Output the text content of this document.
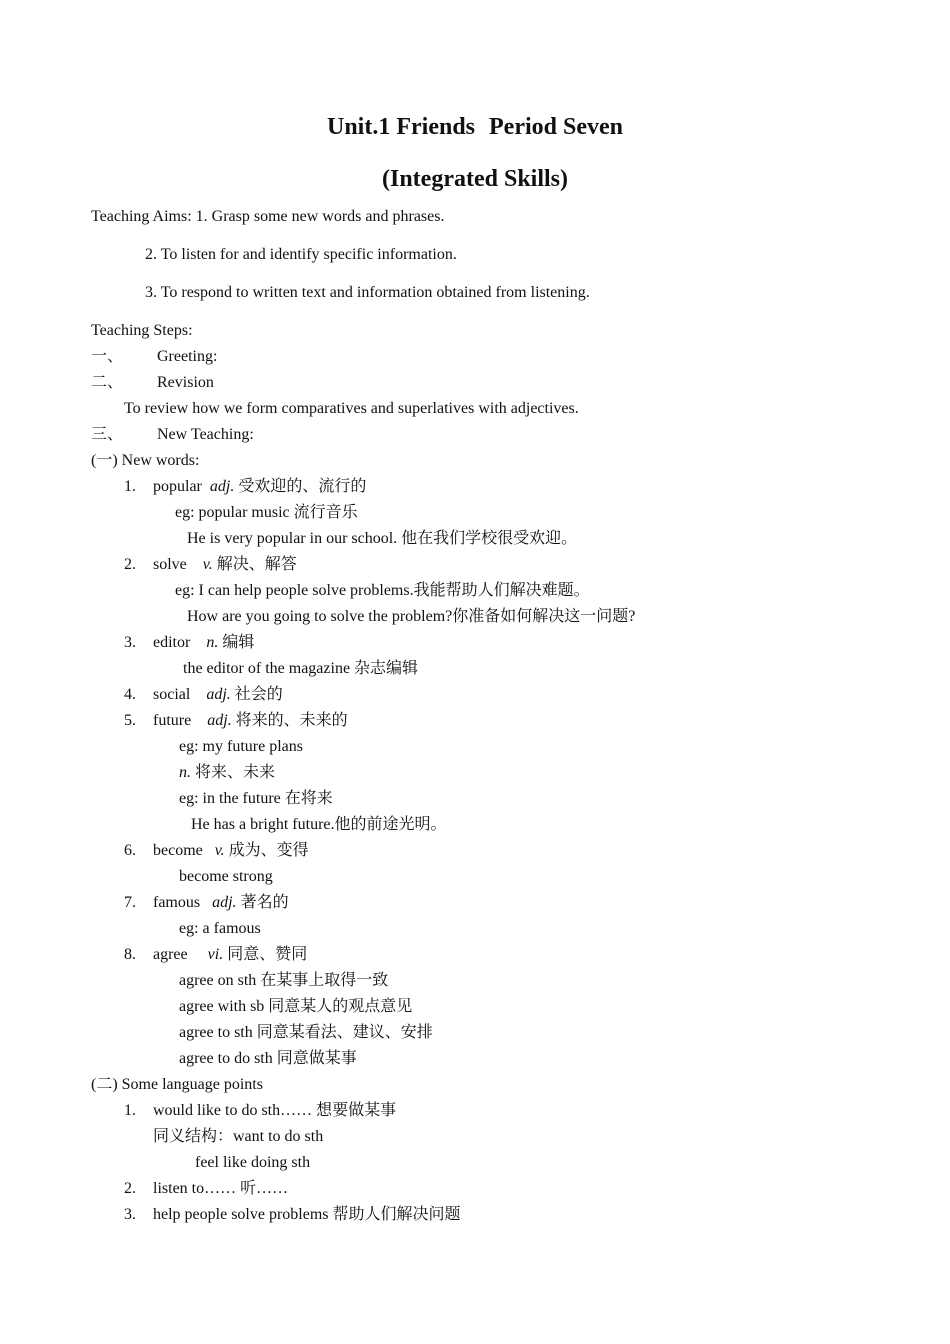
Unit.1 Friends Period Seven
(Integrated Skills)
Teaching Aims: 1. Grasp some new words and phrases.
2. To listen for and identify specific information.
3. To respond to written text and information obtained from listening.
Teaching Steps:
一、 Greeting:
二、 Revision
To review how we form comparatives and superlatives with adjectives.
三、 New Teaching:
(一) New words:
1. popular adj. 受欢迎的、流行的
eg: popular music 流行音乐
He is very popular in our school. 他在我们学校很受欢迎。
2. solve v. 解决、解答
eg: I can help people solve problems.我能帮助人们解决难题。
How are you going to solve the problem?你准备如何解决这一问题?
3. editor n. 编辑
the editor of the magazine 杂志编辑
4. social adj. 社会的
5. future adj. 将来的、未来的
eg: my future plans
n. 将来、未来
eg: in the future 在将来
He has a bright future.他的前途光明。
6. become v. 成为、变得
become strong
7. famous adj. 著名的
eg: a famous
8. agree vi. 同意、赞同
agree on sth 在某事上取得一致
agree with sb 同意某人的观点意见
agree to sth 同意某看法、建议、安排
agree to do sth 同意做某事
(二) Some language points
1. would like to do sth…… 想要做某事
同义结构：want to do sth
feel like doing sth
2. listen to…… 听……
3. help people solve problems 帮助人们解决问题
